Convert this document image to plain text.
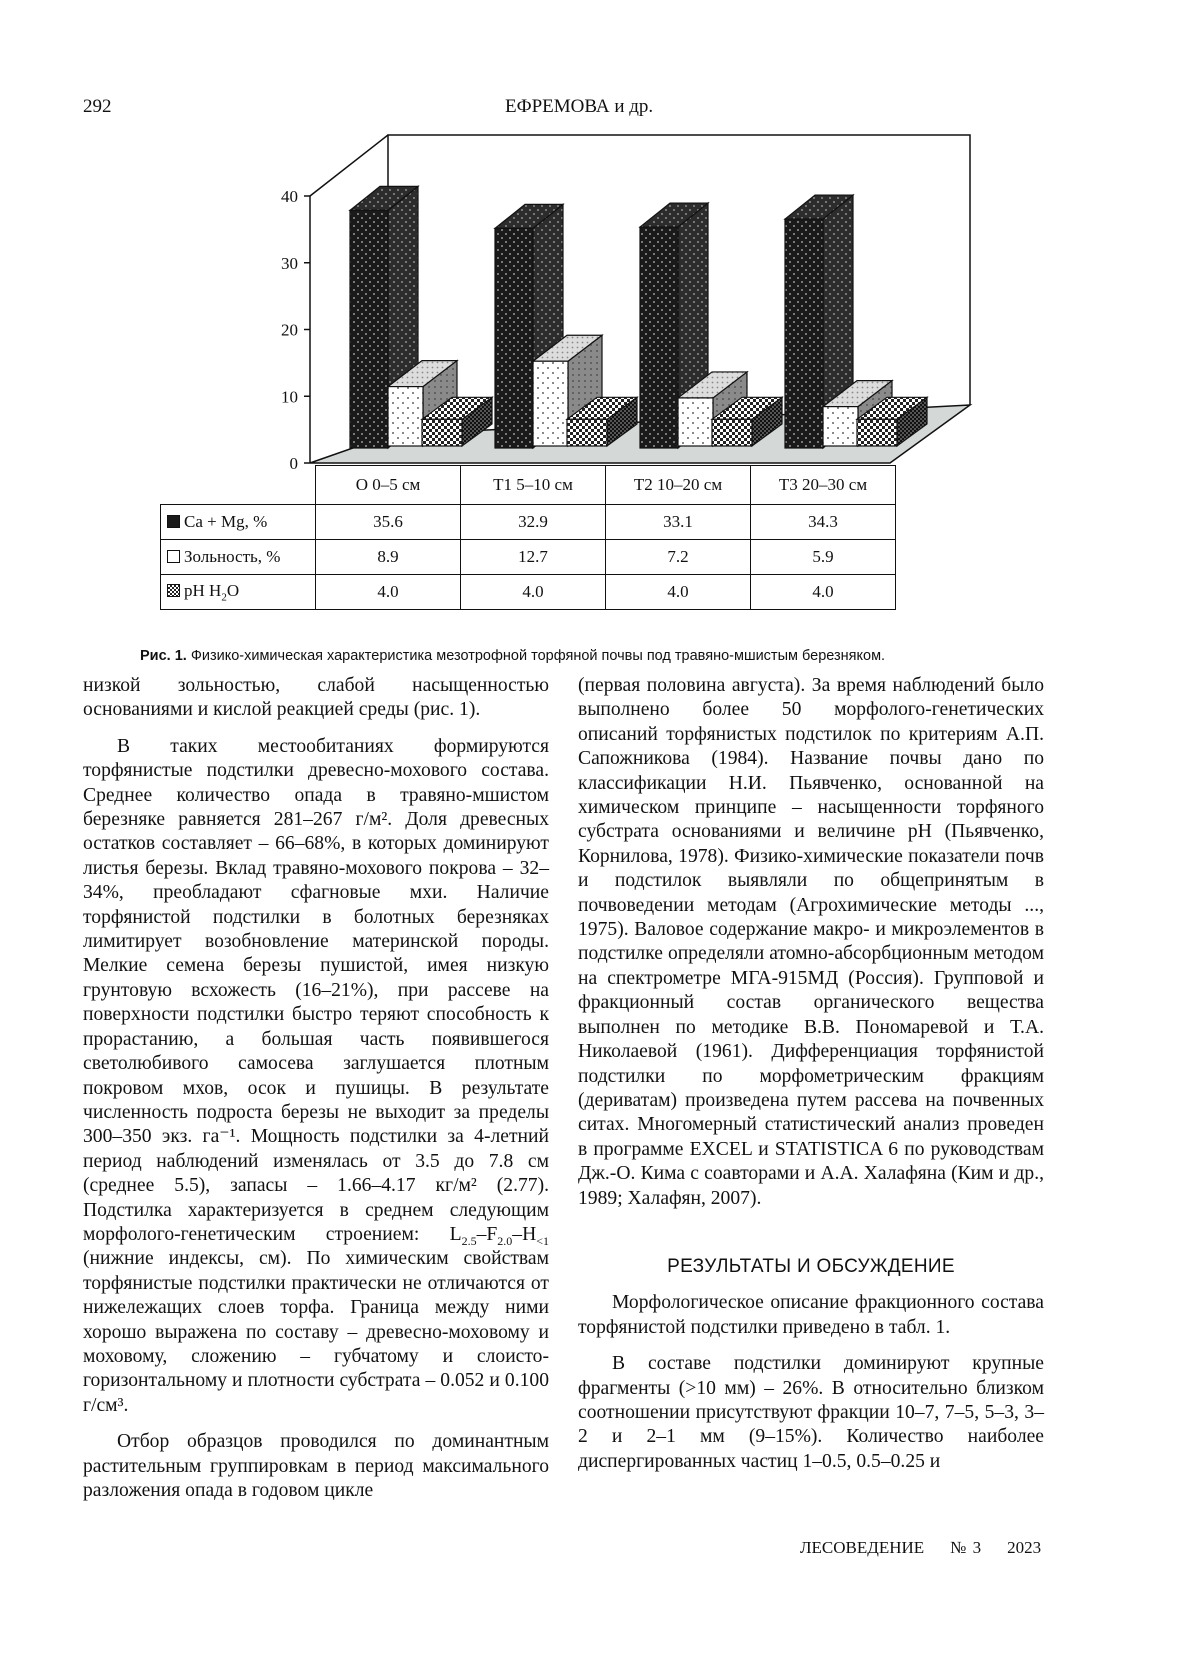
292	ЕФРЕМОВА и др.
0
10
20
30
40
	O 0–5 см	T1 5–10 см	T2 10–20 см	T3 20–30 см
Ca + Mg, %	35.6	32.9	33.1	34.3
Зольность, %	8.9	12.7	7.2	5.9
pH H2O	4.0	4.0	4.0	4.0
Рис. 1. Физико-химическая характеристика мезотрофной торфяной почвы под травяно-мшистым березняком.

низкой зольностью, слабой насыщенностью основаниями и кислой реакцией среды (рис. 1).

В таких местообитаниях формируются торфянистые подстилки древесно-мохового состава. Среднее количество опада в травяно-мшистом березняке равняется 281–267 г/м². Доля древесных остатков составляет – 66–68%, в которых доминируют листья березы. Вклад травяно-мохового покрова – 32–34%, преобладают сфагновые мхи. Наличие торфянистой подстилки в болотных березняках лимитирует возобновление материнской породы. Мелкие семена березы пушистой, имея низкую грунтовую всхожесть (16–21%), при рассеве на поверхности подстилки быстро теряют способность к прорастанию, а большая часть появившегося светолюбивого самосева заглушается плотным покровом мхов, осок и пушицы. В результате численность подроста березы не выходит за пределы 300–350 экз. га⁻¹. Мощность подстилки за 4-летний период наблюдений изменялась от 3.5 до 7.8 см (среднее 5.5), запасы – 1.66–4.17 кг/м² (2.77). Подстилка характеризуется в среднем следующим морфолого-генетическим строением: L2.5–F2.0–H<1 (нижние индексы, см). По химическим свойствам торфянистые подстилки практически не отличаются от нижележащих слоев торфа. Граница между ними хорошо выражена по составу – древесно-моховому и моховому, сложению – губчатому и слоисто-горизонтальному и плотности субстрата – 0.052 и 0.100 г/см³.

Отбор образцов проводился по доминантным растительным группировкам в период максимального разложения опада в годовом цикле

(первая половина августа). За время наблюдений было выполнено более 50 морфолого-генетических описаний торфянистых подстилок по критериям А.П. Сапожникова (1984). Название почвы дано по классификации Н.И. Пьявченко, основанной на химическом принципе – насыщенности торфяного субстрата основаниями и величине pH (Пьявченко, Корнилова, 1978). Физико-химические показатели почв и подстилок выявляли по общепринятым в почвоведении методам (Агрохимические методы ..., 1975). Валовое содержание макро- и микроэлементов в подстилке определяли атомно-абсорбционным методом на спектрометре МГА-915МД (Россия). Групповой и фракционный состав органического вещества выполнен по методике В.В. Пономаревой и Т.А. Николаевой (1961). Дифференциация торфянистой подстилки по морфометрическим фракциям (дериватам) произведена путем рассева на почвенных ситах. Многомерный статистический анализ проведен в программе EXCEL и STATISTICA 6 по руководствам Дж.-О. Кима с соавторами и А.А. Халафяна (Ким и др., 1989; Халафян, 2007).

РЕЗУЛЬТАТЫ И ОБСУЖДЕНИЕ

Морфологическое описание фракционного состава торфянистой подстилки приведено в табл. 1.

В составе подстилки доминируют крупные фрагменты (>10 мм) – 26%. В относительно близком соотношении присутствуют фракции 10–7, 7–5, 5–3, 3–2 и 2–1 мм (9–15%). Количество наиболее диспергированных частиц 1–0.5, 0.5–0.25 и

ЛЕСОВЕДЕНИЕ № 3 2023
